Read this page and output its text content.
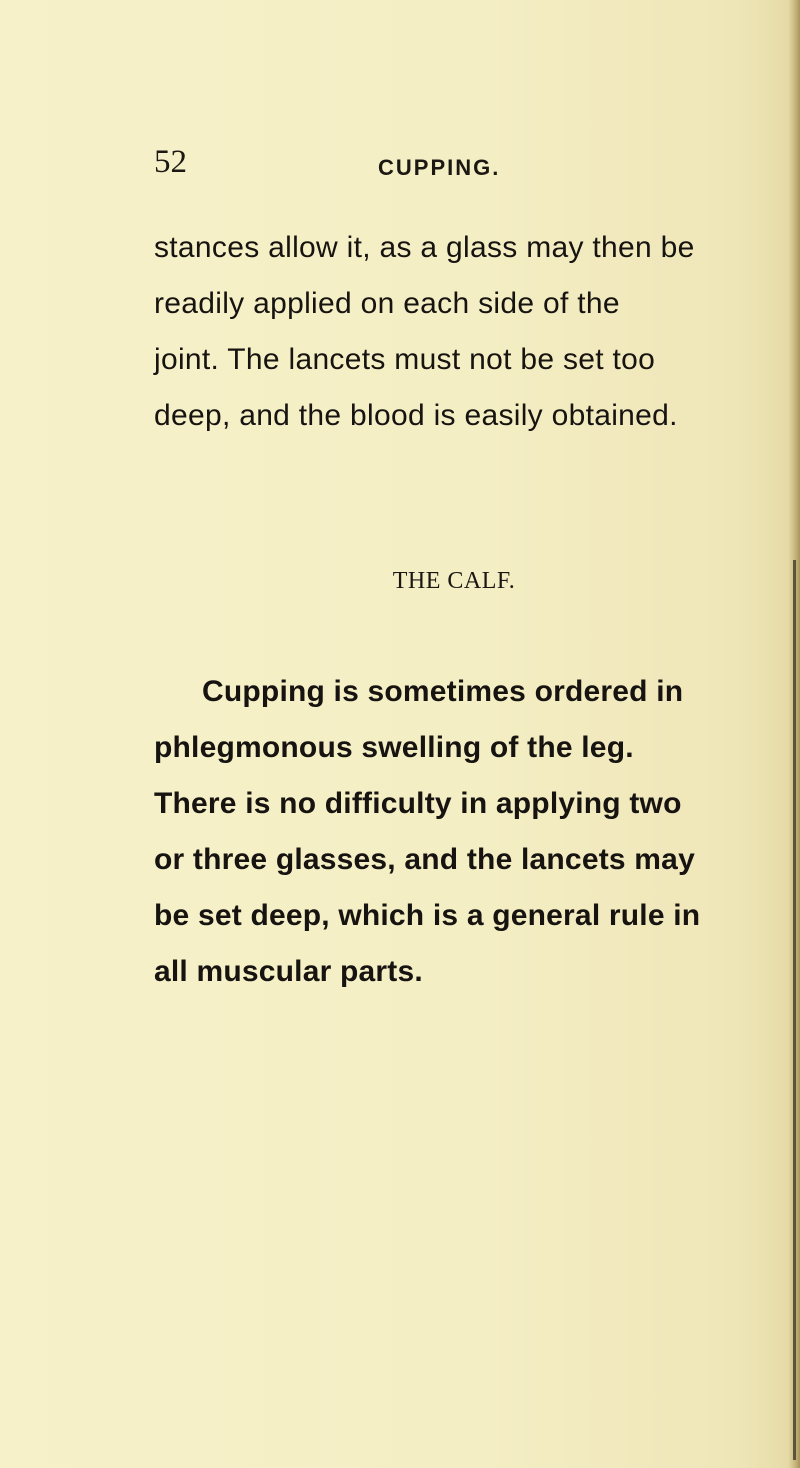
52	CUPPING.
stances allow it, as a glass may then be
readily applied on each side of the
joint. The lancets must not be set too
deep, and the blood is easily obtained.
THE CALF.
Cupping is sometimes ordered in
phlegmonous swelling of the leg.
There is no difficulty in applying two
or three glasses, and the lancets may
be set deep, which is a general rule in
all muscular parts.
